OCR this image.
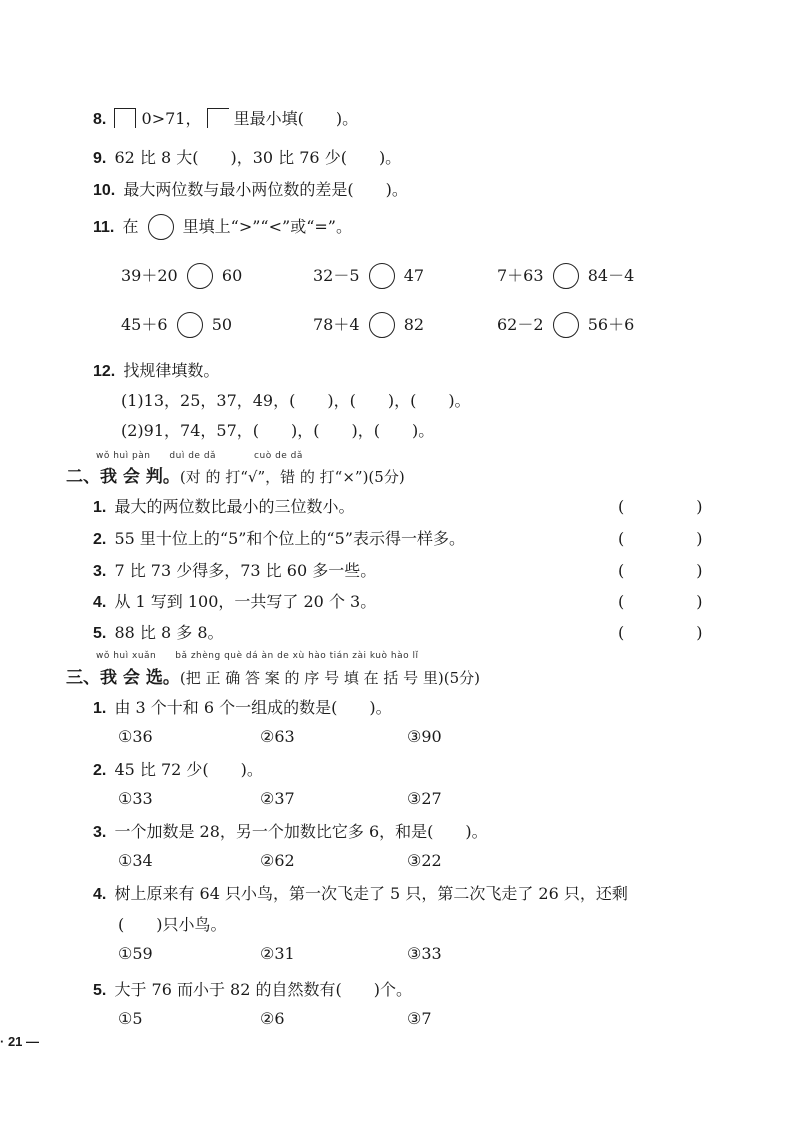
8. 0>71， 里最小填(　　)。
9. 62 比 8 大(　　)，30 比 76 少(　　)。
10. 最大两位数与最小两位数的差是(　　)。
11. 在	里填上“>”“<”或“=”。
39＋20	60	32－5	47	7＋63	84－4
45＋6	50	78＋4	82	62－2	56＋6
12. 找规律填数。
(1)13，25，37，49，(　　)，(　　)，(　　)。
(2)91，74，57，(　　)，(　　)，(　　)。
wǒ huì pàn　　duì de dǎ　　　　cuò de dǎ
二、我 会 判。(对 的 打“√”，错 的 打“×”)(5分)
1. 最大的两位数比最小的三位数小。	(　)
2. 55 里十位上的“5”和个位上的“5”表示得一样多。	(　)
3. 7 比 73 少得多，73 比 60 多一些。	(　)
4. 从 1 写到 100，一共写了 20 个 3。	(　)
5. 88 比 8 多 8。	(　)
wǒ huì xuǎn　　bǎ zhèng què dá àn de xù hào tián zài kuò hào lǐ
三、我 会 选。(把 正 确 答 案 的 序 号 填 在 括 号 里)(5分)
1. 由 3 个十和 6 个一组成的数是(　　)。
①36	②63	③90
2. 45 比 72 少(　　)。
①33	②37	③27
3. 一个加数是 28，另一个加数比它多 6，和是(　　)。
①34	②62	③22
4. 树上原来有 64 只小鸟，第一次飞走了 5 只，第二次飞走了 26 只，还剩
(　　)只小鸟。
①59	②31	③33
5. 大于 76 而小于 82 的自然数有(　　)个。
①5	②6	③7
· 21 —
